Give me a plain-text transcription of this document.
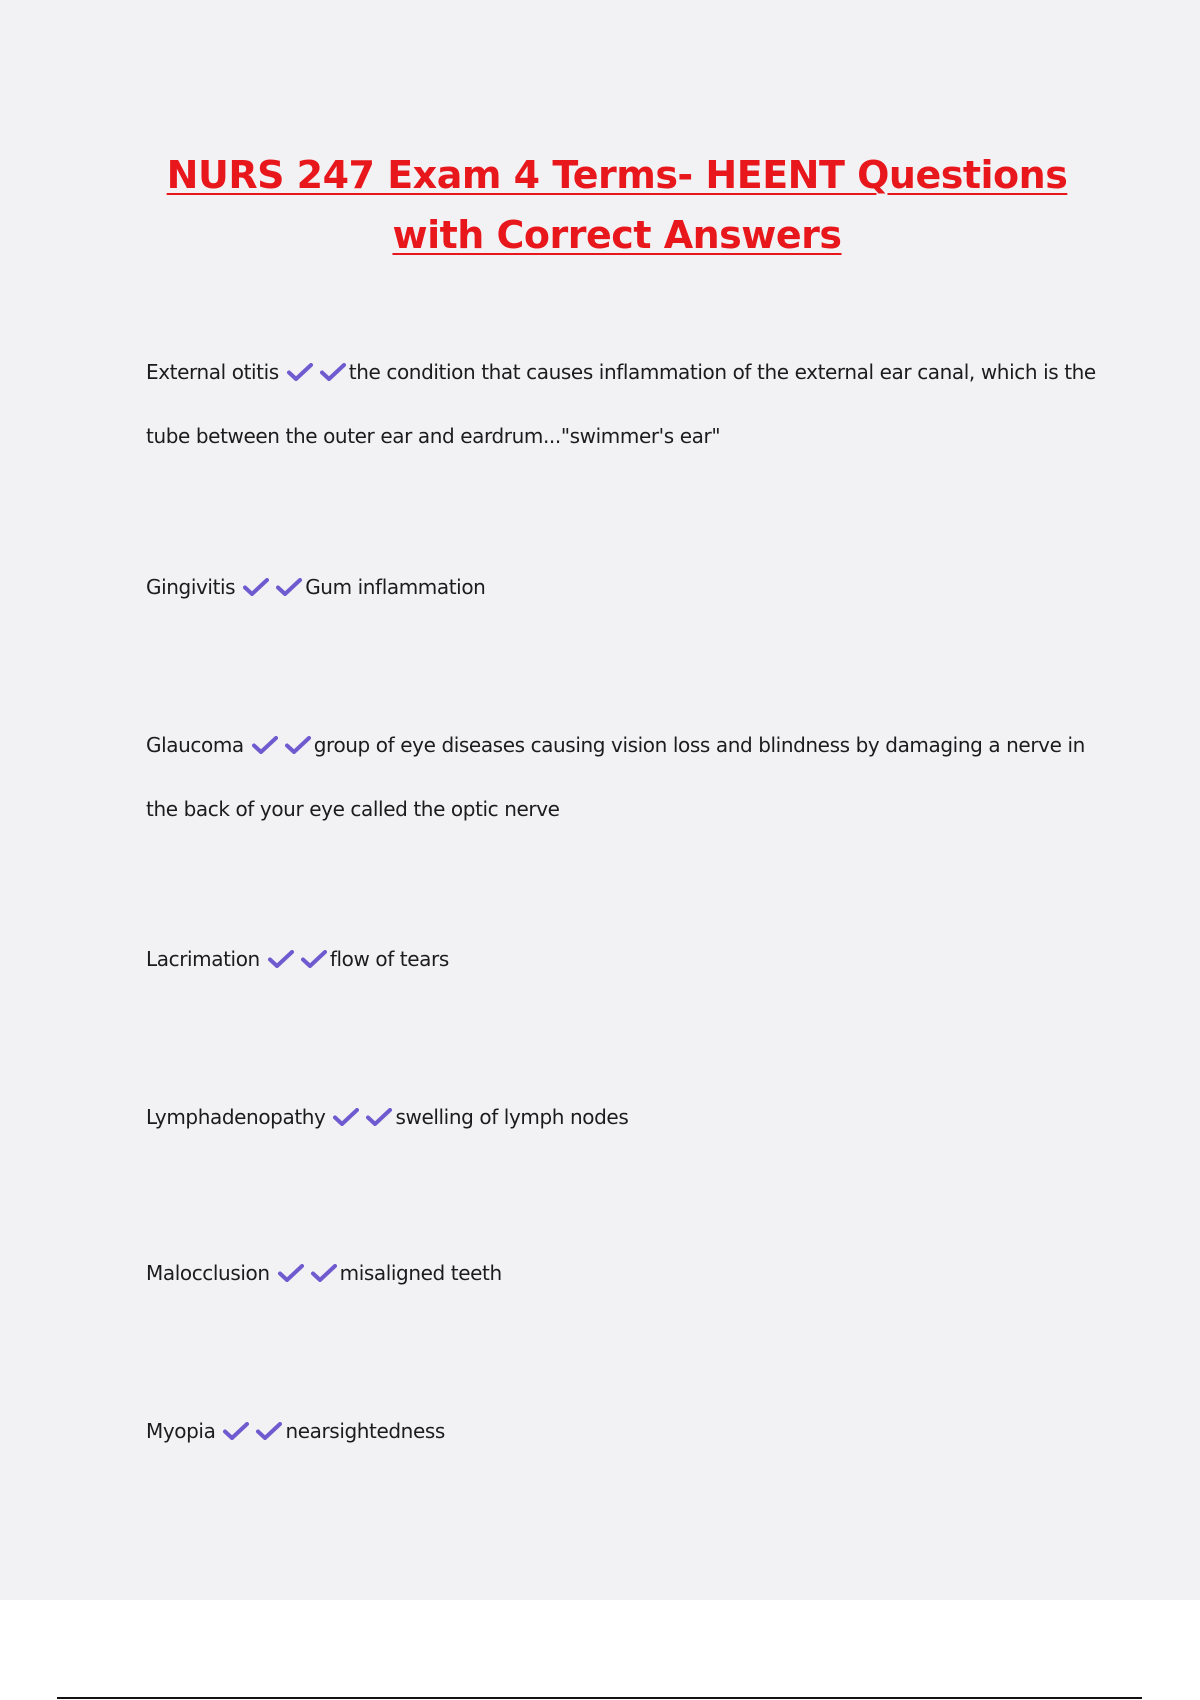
NURS 247 Exam 4 Terms- HEENT Questions
with Correct Answers

External otitis	the condition that causes inflammation of the external ear canal, which is the tube between the outer ear and eardrum..."swimmer's ear"

Gingivitis	Gum inflammation

Glaucoma	group of eye diseases causing vision loss and blindness by damaging a nerve in the back of your eye called the optic nerve

Lacrimation	flow of tears

Lymphadenopathy	swelling of lymph nodes

Malocclusion	misaligned teeth

Myopia	nearsightedness
